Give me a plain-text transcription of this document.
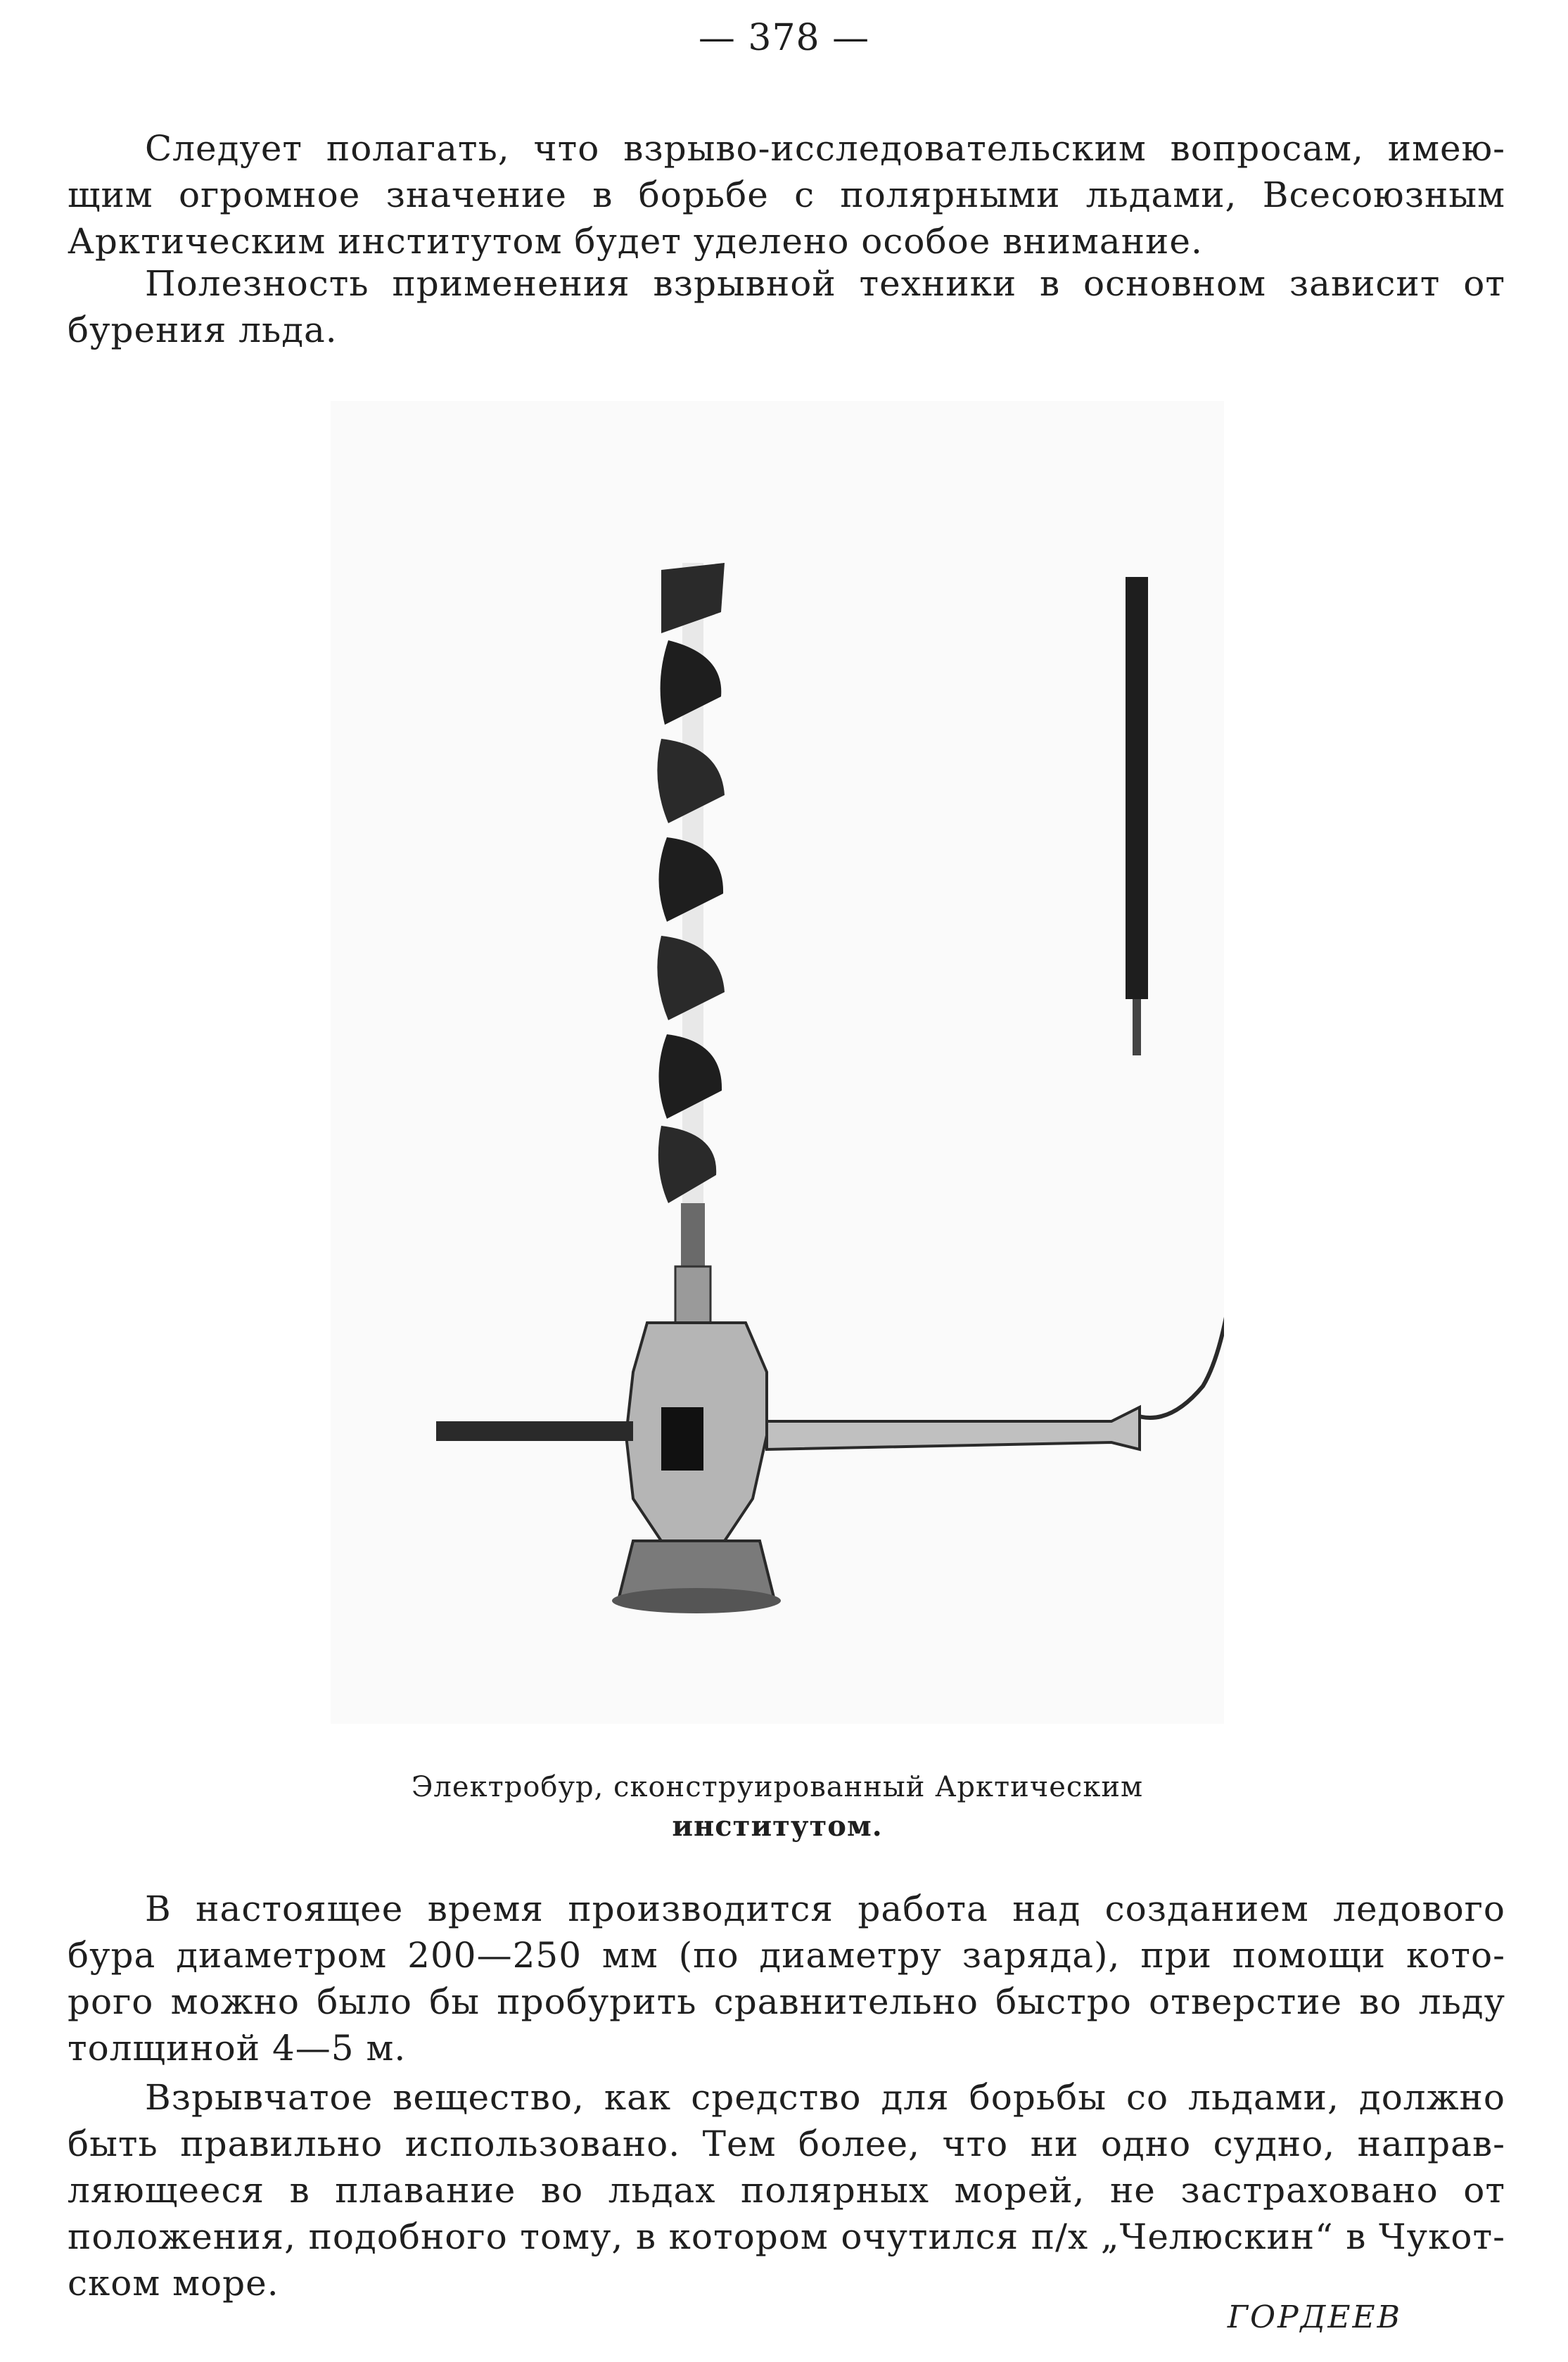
— 378 —

Следует полагать, что взрыво-исследовательским вопросам, имею-
щим огромное значение в борьбе с полярными льдами, Всесоюзным
Арктическим институтом будет уделено особое внимание.

Полезность применения взрывной техники в основном зависит от
бурения льда.

Электробур, сконструированный Арктическим
институтом.

В настоящее время производится работа над созданием ледового
бура диаметром 200—250 мм (по диаметру заряда), при помощи кото-
рого можно было бы пробурить сравнительно быстро отверстие во льду
толщиной 4—5 м.

Взрывчатое вещество, как средство для борьбы со льдами, должно
быть правильно использовано. Тем более, что ни одно судно, направ-
ляющееся в плавание во льдах полярных морей, не застраховано от
положения, подобного тому, в котором очутился п/х „Челюскин“ в Чукот-
ском море.

ГОРДЕЕВ
